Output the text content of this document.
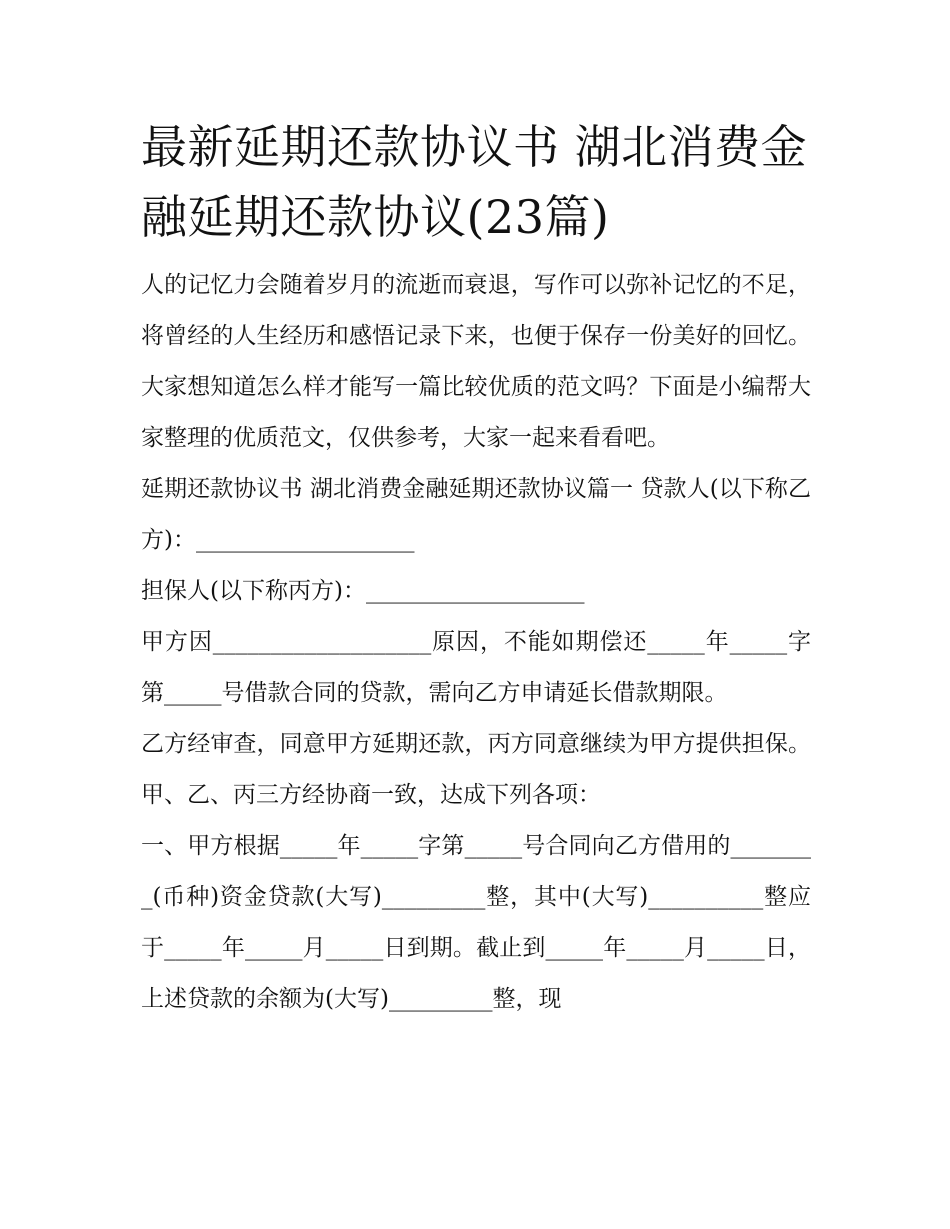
最新延期还款协议书 湖北消费金融延期还款协议(23篇)

人的记忆力会随着岁月的流逝而衰退，写作可以弥补记忆的不足，将曾经的人生经历和感悟记录下来，也便于保存一份美好的回忆。大家想知道怎么样才能写一篇比较优质的范文吗？下面是小编帮大家整理的优质范文，仅供参考，大家一起来看看吧。

延期还款协议书 湖北消费金融延期还款协议篇一 贷款人(以下称乙方)：___________________

担保人(以下称丙方)：___________________

甲方因___________________原因，不能如期偿还_____年_____字第_____号借款合同的贷款，需向乙方申请延长借款期限。

乙方经审查，同意甲方延期还款，丙方同意继续为甲方提供担保。甲、乙、丙三方经协商一致，达成下列各项：

一、甲方根据_____年_____字第_____号合同向乙方借用的________(币种)资金贷款(大写)_________整，其中(大写)__________整应于_____年_____月_____日到期。截止到_____年_____月_____日，上述贷款的余额为(大写)_________整，现
